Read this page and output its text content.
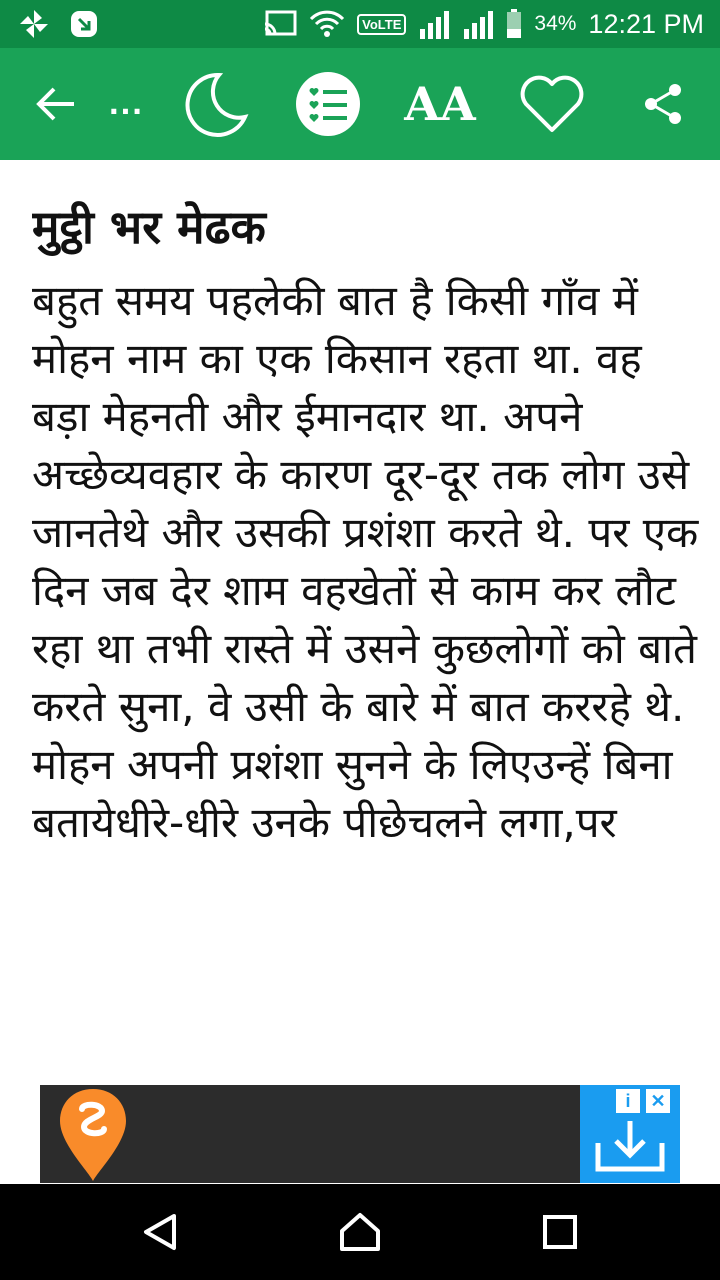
VoLTE	34% 12:21 PM
...	AA
मुट्ठी भर मेढक

बहुत समय पहलेकी बात है किसी गाँव में मोहन नाम का एक किसान रहता था. वह बड़ा मेहनती और ईमानदार था. अपने अच्छेव्यवहार के कारण दूर-दूर तक लोग उसे जानतेथे और उसकी प्रशंशा करते थे. पर एक दिन जब देर शाम वहखेतों से काम कर लौट रहा था तभी रास्ते में उसने कुछलोगों को बाते करते सुना, वे उसी के बारे में बात कररहे थे.

मोहन अपनी प्रशंशा सुनने के लिएउन्हें बिना बतायेधीरे-धीरे उनके पीछेचलने लगा,पर

i	✕
